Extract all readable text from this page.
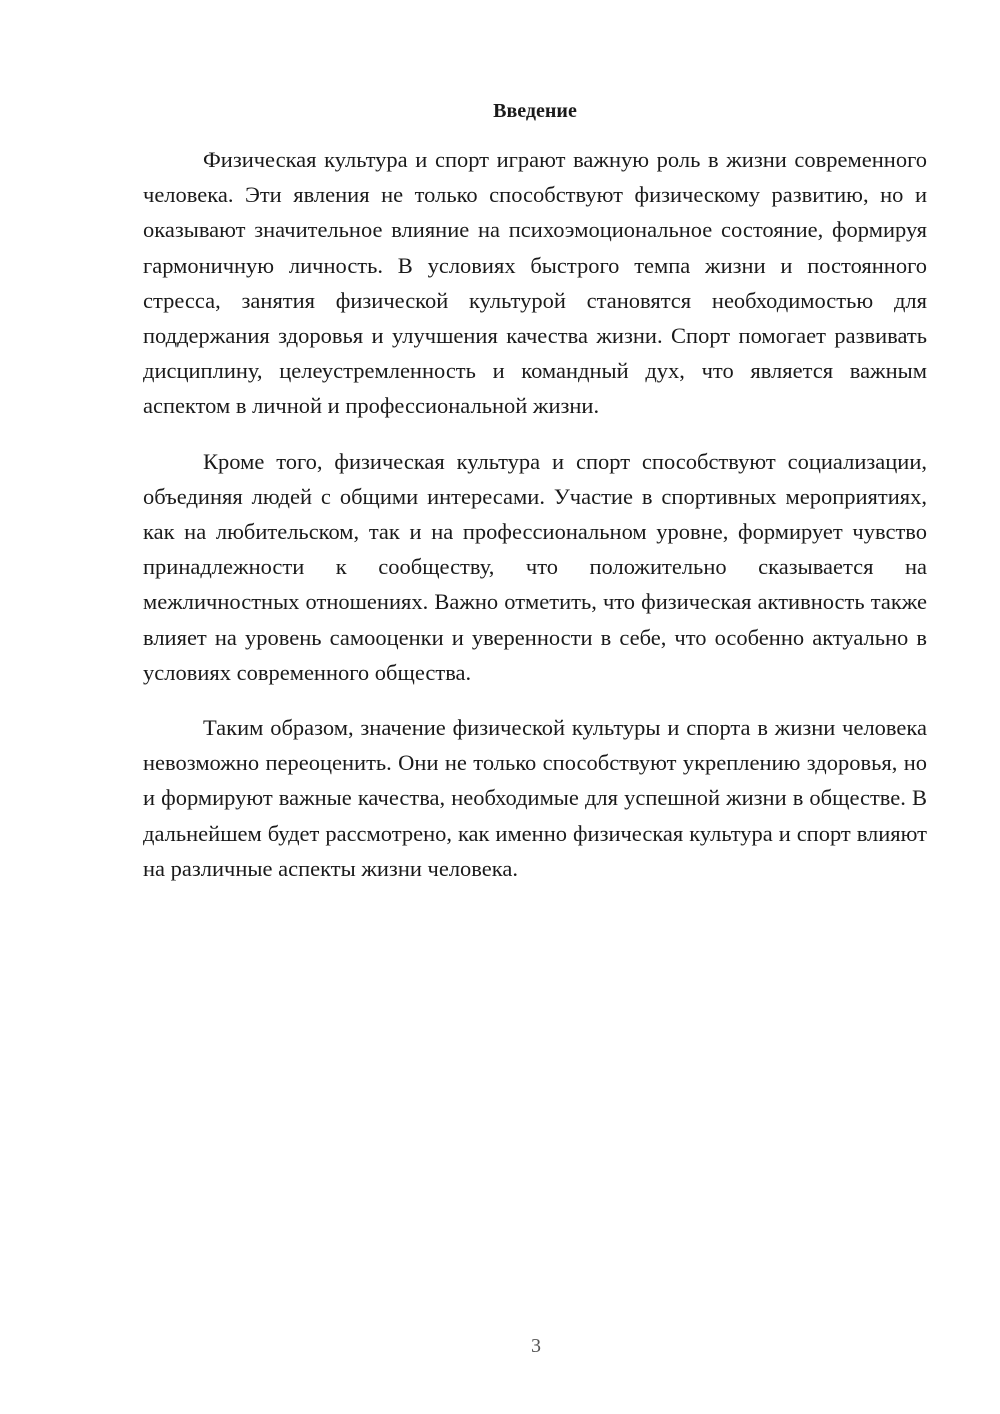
Введение

Физическая культура и спорт играют важную роль в жизни современного человека. Эти явления не только способствуют физическому развитию, но и оказывают значительное влияние на психоэмоциональное состояние, формируя гармоничную личность. В условиях быстрого темпа жизни и постоянного стресса, занятия физической культурой становятся необходимостью для поддержания здоровья и улучшения качества жизни. Спорт помогает развивать дисциплину, целеустремленность и командный дух, что является важным аспектом в личной и профессиональной жизни.

Кроме того, физическая культура и спорт способствуют социализации, объединяя людей с общими интересами. Участие в спортивных мероприятиях, как на любительском, так и на профессиональном уровне, формирует чувство принадлежности к сообществу, что положительно сказывается на межличностных отношениях. Важно отметить, что физическая активность также влияет на уровень самооценки и уверенности в себе, что особенно актуально в условиях современного общества.

Таким образом, значение физической культуры и спорта в жизни человека невозможно переоценить. Они не только способствуют укреплению здоровья, но и формируют важные качества, необходимые для успешной жизни в обществе. В дальнейшем будет рассмотрено, как именно физическая культура и спорт влияют на различные аспекты жизни человека.

3
